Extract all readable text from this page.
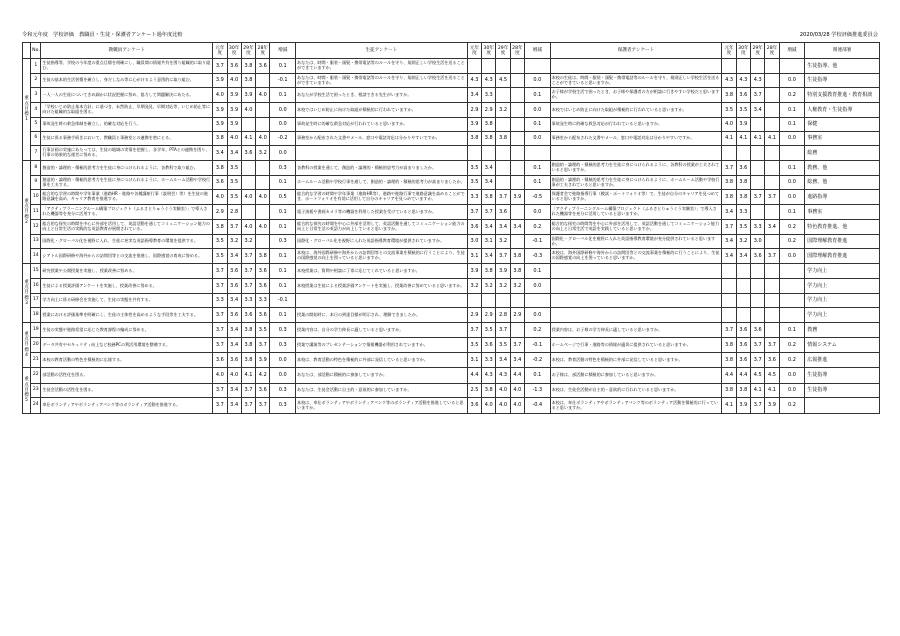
令和元年度　学校評価　教職員・生徒・保護者アンケート過年度比較	2020/03/28 学校評価推進委員会
	No.	教職員アンケート	元年度	30年度	29年度	28年度	増減	生徒アンケート	元年度	30年度	29年度	28年度	増減	保護者アンケート	元年度	30年度	29年度	28年度	増減	関連部署
重点目標1	1	生徒指導等、学校の今年度の重点目標を明確にし、職員間の情報共有を図り組織的に取り組む。	3.7	3.6	3.8	3.6	0.1	あなたは、時間・服装・頭髪・携帯電話等のルールを守り、規則正しい学校生活を送ることができていますか。												生徒指導、他
	2	生徒の基本的生活習慣を確立し、身だしなみ等に心がけるよう意図的に取り組む。	3.9	4.0	3.8		-0.1	あなたは、時間・服装・頭髪・携帯電話等のルールを守り、規則正しい学校生活を送ることができていますか。	4.3	4.3	4.5		0.0	本校の生徒は、時間・服装・頭髪・携帯電話等のルールを守り、規則正しい学校生活を送ることができていると思いますか。	4.3	4.3	4.3		0.0	生徒指導
	3	一人一人の生徒についてきめ細かに状況把握に努め、協力して問題解決にあたる。	4.0	3.9	3.9	4.0	0.1	あなたが学校生活で困ったとき、相談できる先生がいますか。	3.4	3.3			0.1	お子様が学校生活で困ったとき、お子様や保護者の方が相談に行きやすい学校だと思いますか。	3.8	3.6	3.7		0.2	特別支援教育推進・教育相談
	4	「学校いじめ防止基本方針」に基づき、未然防止、早期発見、早期対応等、いじめ防止等に向けた組織的な取組を図る。	3.9	3.9	4.0		0.0	本校ではいじめ防止に向けた取組が積極的に行われていますか。	2.9	2.9	3.2		0.0	本校ではいじめ防止に向けた取組が積極的に行われていると思いますか。	3.5	3.5	3.4		0.1	人権教育・生徒指導
	5	事故発生時の救急体制を確立し、的確な対応を行う。	3.9	3.9			0.0	事故発生時に的確な救急対応が行われていると思いますか。	3.9	3.8			0.1	事故発生時に的確な救急対応が行われていると思いますか。	4.0	3.9			0.1	保健
	6	生徒に係る事務手続きにおいて、教職員と事務室との連携を密にとる。	3.8	4.0	4.1	4.0	-0.2	事務室から配布された文書やメール、窓口や電話対応は分かりやすいですか。	3.8	3.8	3.8		0.0	事務室から配布された文書やメール、窓口や電話対応は分かりやすいですか。	4.1	4.1	4.1	4.1	0.0	事務室
	7	行事計画の実施にあたっては、生徒の地域の実情を把握し、各学年、PTAとの連携を図り、行事の効果的な運営に努める。	3.4	3.4	3.6	3.2	0.0													総務
重点目標2	8	創造的・論理的・積極的思考力を生徒に身につけられるように、各教科で取り組む。	3.8	3.5			0.3	各教科の授業を通して、創造的・論理的・積極的思考力が高まりましたか。	3.5	3.4			0.1	創造的・論理的・積極的思考力を生徒に身につけられるように、各教科の授業が工夫されていると思いますか。	3.7	3.6			0.1	教務、他
	9	創造的・論理的・積極的思考力を生徒に身につけられるように、ホームルーム活動や学校行事を工夫する。	3.6	3.5			0.1	ホームルーム活動や学校行事を通して、創造的・論理的・積極的思考力が高まりましたか。	3.5	3.4			0.1	創造的・論理的・積極的思考力を生徒に身につけられるように、ホームルーム活動や学校行事が工夫されていると思いますか。	3.8	3.8			0.0	総務、他
	10	総合的な学習の時間や学年事業（進路HR・進路や各種講座行事（説明会）等）を生徒の進路意識を高め、キャリア教育を推進する。	4.0	3.5	4.0	4.0	0.5	総合的な学習の時間や学年事業（進路HR等）、進路や進路行事で進路意識を高めることができ、ポートフォリオを有効に活用して自分のキャリアを見つめていますか。	3.3	3.8	3.7	3.9	-0.5	保護者会で進路指導行事（模試・ポートフォリオ等）で、生徒が自分のキャリアを見つめていると思いますか。	3.8	3.8	3.7	3.7	0.0	進路指導
	11	「アクティブラーニングルーム構築プロジェクト（ふるさとりゅうぐう実験室）」で導入された機器等を充分に活用する。	2.9	2.8			0.1	電子黒板や書画カメラ等の機器を利用した授業を受けていると思いますか。	3.7	3.7	3.6		0.0	「アクティブラーニングルーム構築プロジェクト（ふるさとりゅうぐう実験室）」で導入された機器等を充分に活用していると思いますか。	3.4	3.3			0.1	事務室
	12	総合的な探究の時間を中心に外部を活用して、英語活動を通してコミュニケーション能力の向上と日常生活の実践的な英語教育が展開されている。	3.8	3.7	4.0	4.0	0.1	総合的な探究の時間を中心に外部を活用して、英語活動を通してコミュニケーション能力の向上と日常生活の英語力が向上していると思いますか。	3.6	3.4	3.4	3.4	0.2	総合的な探究の時間等を中心に外部を活用して、英語活動を通してコミュニケーション能力の向上と日常生活で英語を実践していると思いますか。	3.7	3.5	3.3	3.4	0.2	特色教育推進、他
	13	国際化・グローバル化を視野に入れ、生徒に充実な英語指導教育の環境を提供する。	3.5	3.2	3.2		0.3	国際化・グローバル化を視野に入れた英語指導教育環境が提供されていますか。	3.0	3.1	3.2		-0.1	国際化・グローバル化を視野に入れた英語指導教育環境が充分提供されていると思いますか。	3.4	3.2	3.0		0.2	国際理解教育推進
	14	シアトル国際研修や海外からの訪問団等との交流を推進し、国際感覚の育成に努める。	3.5	3.4	3.7	3.8	0.1	本校は、海外国際研修や海外からの訪問団等との交流事業を積極的に行うことにより、生徒の国際感覚の向上を図っていると思いますか。	3.1	3.4	3.7	3.8	-0.3	本校は、海外国際研修や海外からの訪問団等との交流事業を積極的に行うことにより、生徒の国際感覚の向上を図っていると思いますか。	3.4	3.4	3.6	3.7	0.0	国際理解教育推進
重点目標3	15	研究授業や公開授業を実施し、授業改善に努める。	3.7	3.6	3.7	3.6	0.1	本校授業は、質問や相談に丁寧に応じてくれていると思いますか。	3.9	3.8	3.9	3.8	0.1							学力向上
	16	生徒による授業評価アンケートを実施し、授業改善に努める。	3.7	3.6	3.7	3.6	0.1	本校授業は生徒による授業評価アンケートを実施し、授業改善に努めていると思いますか。	3.2	3.2	3.2	3.2	0.0							学力向上
	17	学力向上に係る研修会を実施して、生徒の実態を共有する。	3.3	3.4	3.3	3.3	-0.1													学力向上
	18	授業における評価基準を明確にし、生徒の主体性を高めるような手段等を工夫する。	3.7	3.6	3.6	3.6	0.1	授業の開始時に、本日の到達目標が明示され、理解できましたか。	2.9	2.9	2.8	2.9	0.0							学力向上
重点目標4	19	生徒の実態や進路希望に応じた教育課程の編成に努める。	3.7	3.4	3.8	3.5	0.3	授業内容は、自分の学力伸長に適していると思いますか。	3.7	3.5	3.7		0.2	授業内容は、お子様の学力伸長に適していると思いますか。	3.7	3.6	3.6		0.1	教務
	20	データ共有やセキュリティ向上など校務PCの利活用環境を整備する。	3.7	3.4	3.8	3.7	0.3	授業で講演等のプレゼンテーションで情報機器が利用されていますか。	3.5	3.6	3.5	3.7	-0.1	ホームページで行事・進路等の情報が適切に提供されていると思いますか。	3.8	3.6	3.7	3.7	0.2	情報システム
	21	本校の教育活動の特色を積極的に広報する。	3.6	3.6	3.8	3.9	0.0	本校は、教育活動の特色を積極的に外部に発信していると思いますか。	3.1	3.3	3.4	3.4	-0.2	本校は、教育活動の特色を積極的に外部に発信していると思いますか。	3.8	3.6	3.7	3.6	0.2	広報推進
重点目標5	22	部活動の活性化を図る。	4.0	4.0	4.1	4.2	0.0	あなたは、部活動に積極的に参加していますか。	4.4	4.3	4.3	4.4	0.1	お子様は、部活動に積極的に参加していると思いますか。	4.4	4.4	4.5	4.5	0.0	生徒指導
	23	生徒会活動の活性化を図る。	3.7	3.4	3.7	3.6	0.3	あなたは、生徒会活動に自主的・意欲的に参加していますか。	2.5	3.8	4.0	4.0	-1.3	本校は、生徒会活動が自主的・意欲的に行われていると思いますか。	3.8	3.8	4.1	4.1	0.0	生徒指導
	24	奉仕ボランティアやボランティアバンク等のボランティア活動を推進する。	3.7	3.4	3.7	3.7	0.3	本校は、奉仕ボランティアやボランティアバンク等のボランティア活動を推進していると思いますか。	3.6	4.0	4.0	4.0	-0.4	本校は、奉仕ボランティアやボランティアバンク等のボランティア活動を積極的に行っていると思いますか。	4.1	3.9	3.7	3.9	0.2	
